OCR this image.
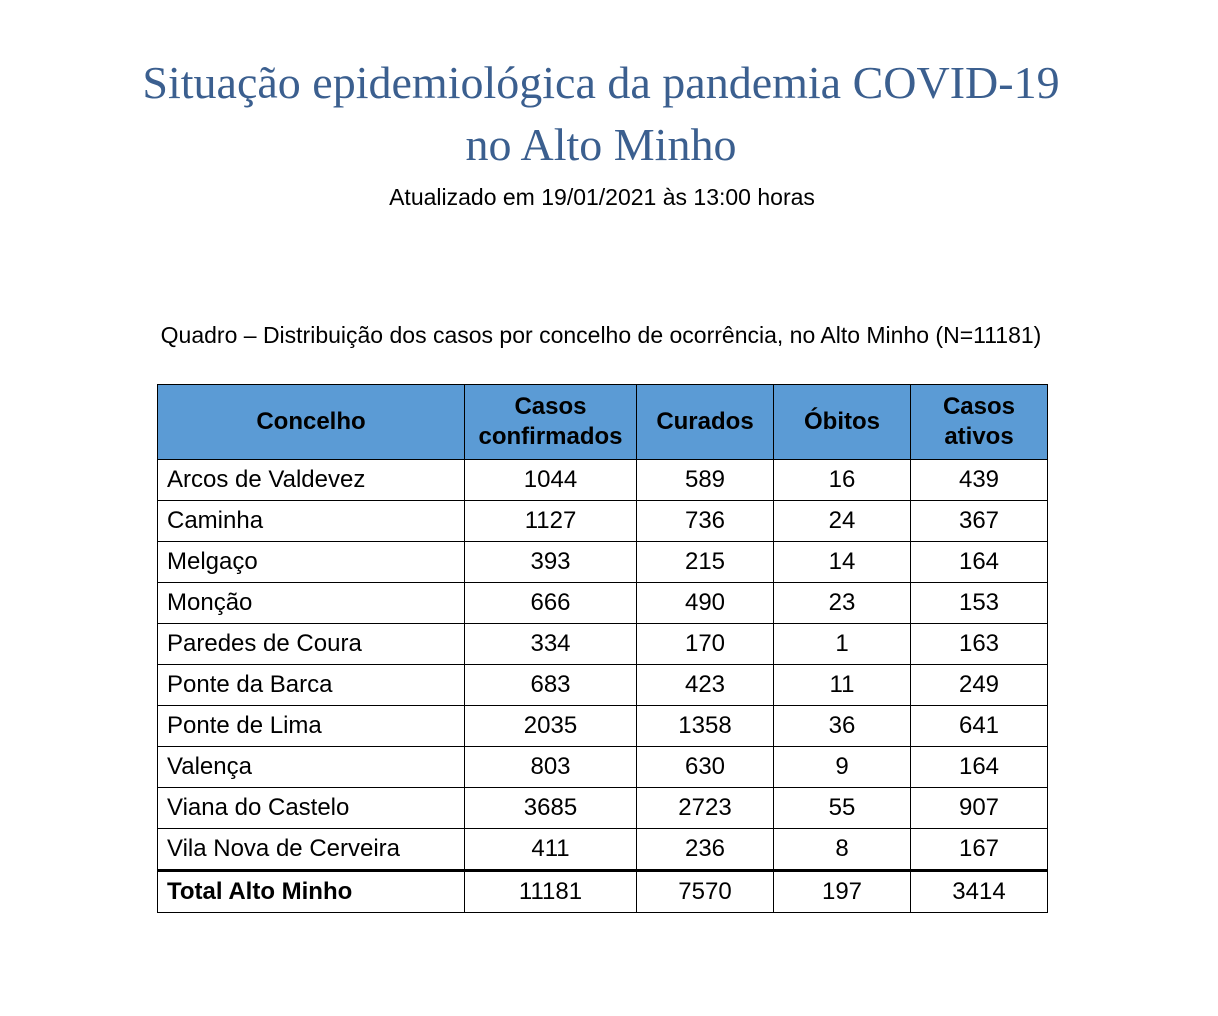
Situação epidemiológica da pandemia COVID-19
no Alto Minho
Atualizado em 19/01/2021 às 13:00 horas
Quadro – Distribuição dos casos por concelho de ocorrência, no Alto Minho (N=11181)
Concelho	Casos confirmados	Curados	Óbitos	Casos ativos
Arcos de Valdevez	1044	589	16	439
Caminha	1127	736	24	367
Melgaço	393	215	14	164
Monção	666	490	23	153
Paredes de Coura	334	170	1	163
Ponte da Barca	683	423	11	249
Ponte de Lima	2035	1358	36	641
Valença	803	630	9	164
Viana do Castelo	3685	2723	55	907
Vila Nova de Cerveira	411	236	8	167
Total Alto Minho	11181	7570	197	3414
